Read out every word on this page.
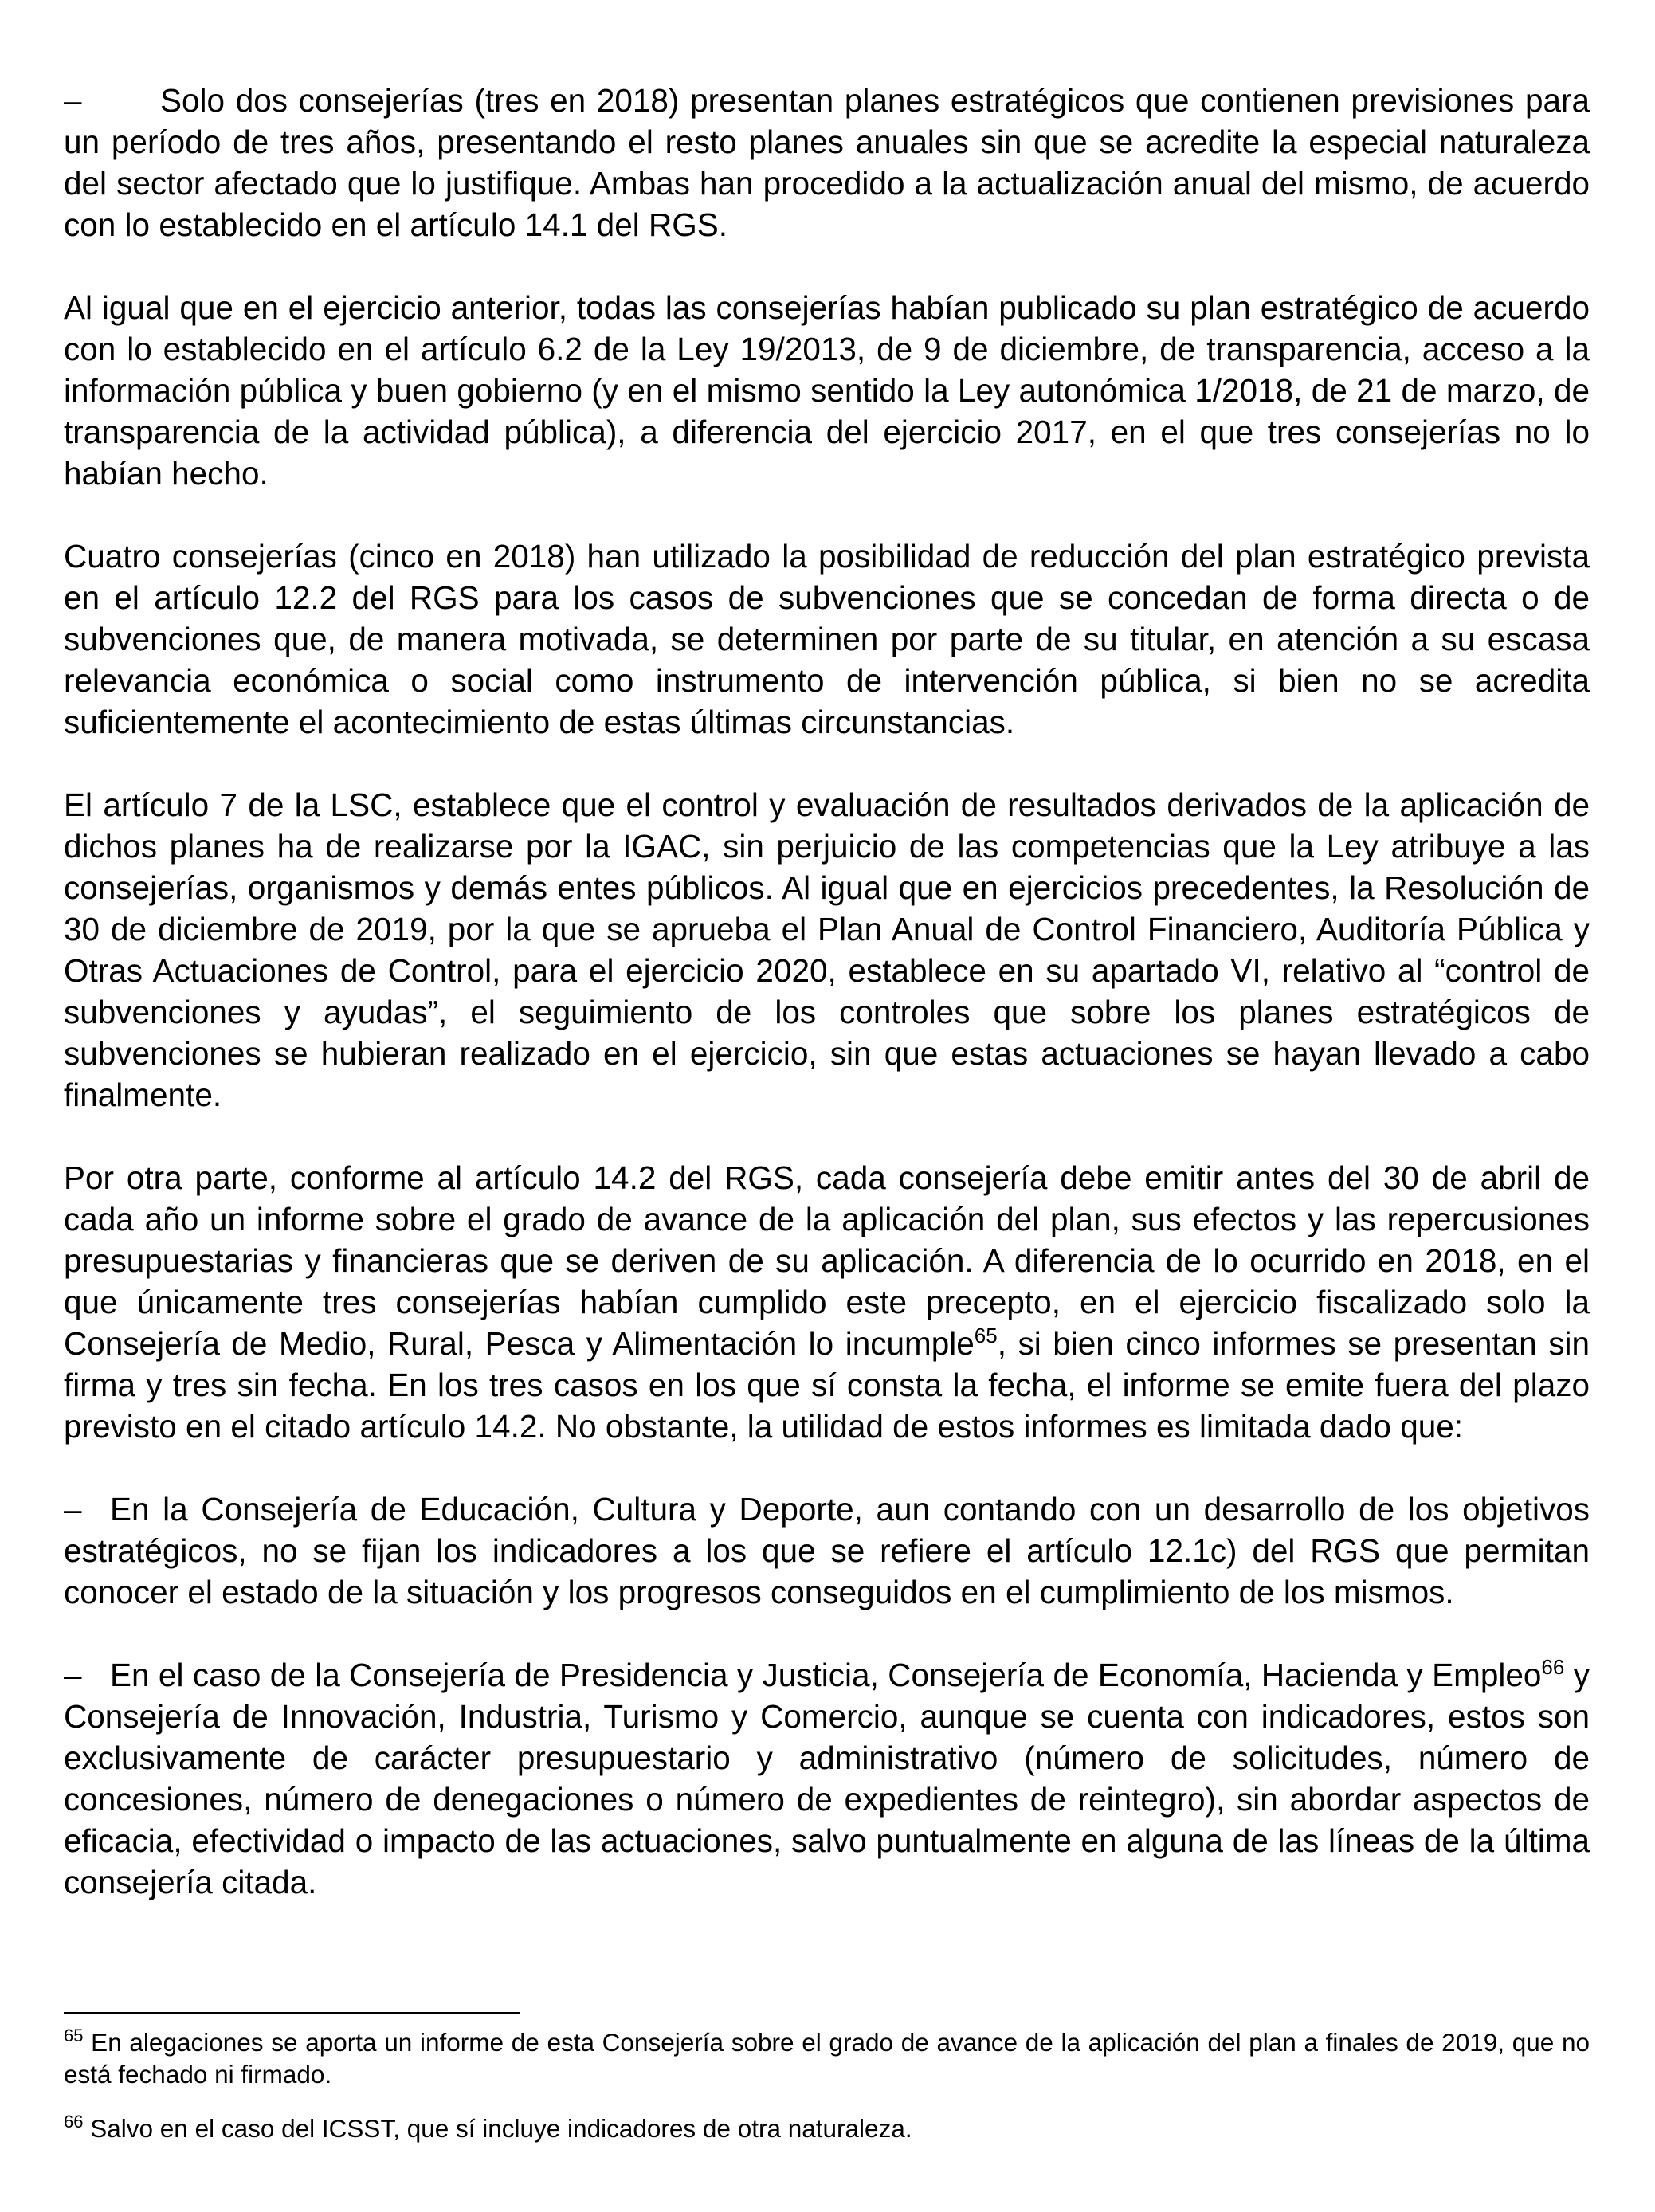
– Solo dos consejerías (tres en 2018) presentan planes estratégicos que contienen previsiones para un período de tres años, presentando el resto planes anuales sin que se acredite la especial naturaleza del sector afectado que lo justifique. Ambas han procedido a la actualización anual del mismo, de acuerdo con lo establecido en el artículo 14.1 del RGS.

Al igual que en el ejercicio anterior, todas las consejerías habían publicado su plan estratégico de acuerdo con lo establecido en el artículo 6.2 de la Ley 19/2013, de 9 de diciembre, de transparencia, acceso a la información pública y buen gobierno (y en el mismo sentido la Ley autonómica 1/2018, de 21 de marzo, de transparencia de la actividad pública), a diferencia del ejercicio 2017, en el que tres consejerías no lo habían hecho.

Cuatro consejerías (cinco en 2018) han utilizado la posibilidad de reducción del plan estratégico prevista en el artículo 12.2 del RGS para los casos de subvenciones que se concedan de forma directa o de subvenciones que, de manera motivada, se determinen por parte de su titular, en atención a su escasa relevancia económica o social como instrumento de intervención pública, si bien no se acredita suficientemente el acontecimiento de estas últimas circunstancias.

El artículo 7 de la LSC, establece que el control y evaluación de resultados derivados de la aplicación de dichos planes ha de realizarse por la IGAC, sin perjuicio de las competencias que la Ley atribuye a las consejerías, organismos y demás entes públicos. Al igual que en ejercicios precedentes, la Resolución de 30 de diciembre de 2019, por la que se aprueba el Plan Anual de Control Financiero, Auditoría Pública y Otras Actuaciones de Control, para el ejercicio 2020, establece en su apartado VI, relativo al “control de subvenciones y ayudas”, el seguimiento de los controles que sobre los planes estratégicos de subvenciones se hubieran realizado en el ejercicio, sin que estas actuaciones se hayan llevado a cabo finalmente.

Por otra parte, conforme al artículo 14.2 del RGS, cada consejería debe emitir antes del 30 de abril de cada año un informe sobre el grado de avance de la aplicación del plan, sus efectos y las repercusiones presupuestarias y financieras que se deriven de su aplicación. A diferencia de lo ocurrido en 2018, en el que únicamente tres consejerías habían cumplido este precepto, en el ejercicio fiscalizado solo la Consejería de Medio, Rural, Pesca y Alimentación lo incumple$^{65}$, si bien cinco informes se presentan sin firma y tres sin fecha. En los tres casos en los que sí consta la fecha, el informe se emite fuera del plazo previsto en el citado artículo 14.2. No obstante, la utilidad de estos informes es limitada dado que:

– En la Consejería de Educación, Cultura y Deporte, aun contando con un desarrollo de los objetivos estratégicos, no se fijan los indicadores a los que se refiere el artículo 12.1c) del RGS que permitan conocer el estado de la situación y los progresos conseguidos en el cumplimiento de los mismos.

– En el caso de la Consejería de Presidencia y Justicia, Consejería de Economía, Hacienda y Empleo$^{66}$ y Consejería de Innovación, Industria, Turismo y Comercio, aunque se cuenta con indicadores, estos son exclusivamente de carácter presupuestario y administrativo (número de solicitudes, número de concesiones, número de denegaciones o número de expedientes de reintegro), sin abordar aspectos de eficacia, efectividad o impacto de las actuaciones, salvo puntualmente en alguna de las líneas de la última consejería citada.

$^{65}$ En alegaciones se aporta un informe de esta Consejería sobre el grado de avance de la aplicación del plan a finales de 2019, que no está fechado ni firmado.

$^{66}$ Salvo en el caso del ICSST, que sí incluye indicadores de otra naturaleza.
